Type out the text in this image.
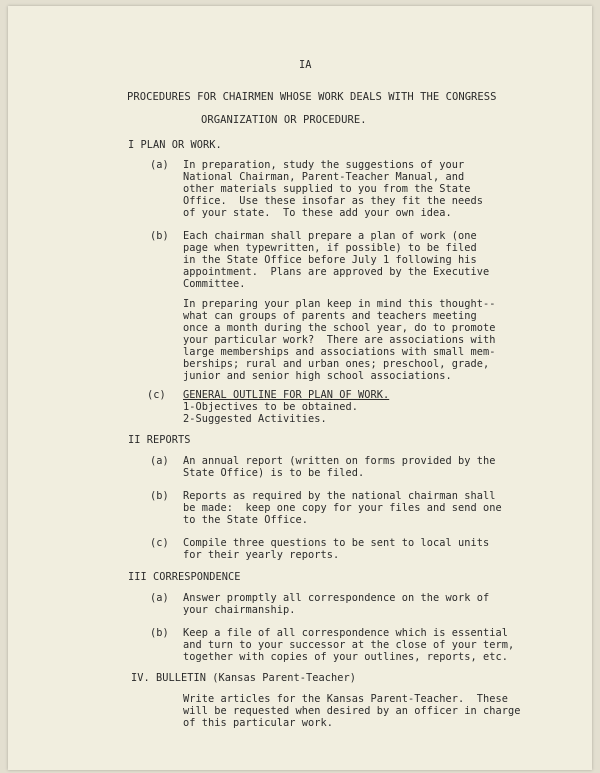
IA
PROCEDURES FOR CHAIRMEN WHOSE WORK DEALS WITH THE CONGRESS
ORGANIZATION OR PROCEDURE.
I PLAN OR WORK.
(a) In preparation, study the suggestions of your
National Chairman, Parent-Teacher Manual, and
other materials supplied to you from the State
Office.  Use these insofar as they fit the needs
of your state.  To these add your own idea.
(b) Each chairman shall prepare a plan of work (one
page when typewritten, if possible) to be filed
in the State Office before July 1 following his
appointment.  Plans are approved by the Executive
Committee.
In preparing your plan keep in mind this thought--
what can groups of parents and teachers meeting
once a month during the school year, do to promote
your particular work?  There are associations with
large memberships and associations with small mem-
berships; rural and urban ones; preschool, grade,
junior and senior high school associations.
(c) GENERAL OUTLINE FOR PLAN OF WORK.
1-Objectives to be obtained.
2-Suggested Activities.
II REPORTS
(a) An annual report (written on forms provided by the
State Office) is to be filed.
(b) Reports as required by the national chairman shall
be made:  keep one copy for your files and send one
to the State Office.
(c) Compile three questions to be sent to local units
for their yearly reports.
III CORRESPONDENCE
(a) Answer promptly all correspondence on the work of
your chairmanship.
(b) Keep a file of all correspondence which is essential
and turn to your successor at the close of your term,
together with copies of your outlines, reports, etc.
IV. BULLETIN (Kansas Parent-Teacher)
Write articles for the Kansas Parent-Teacher.  These
will be requested when desired by an officer in charge
of this particular work.
